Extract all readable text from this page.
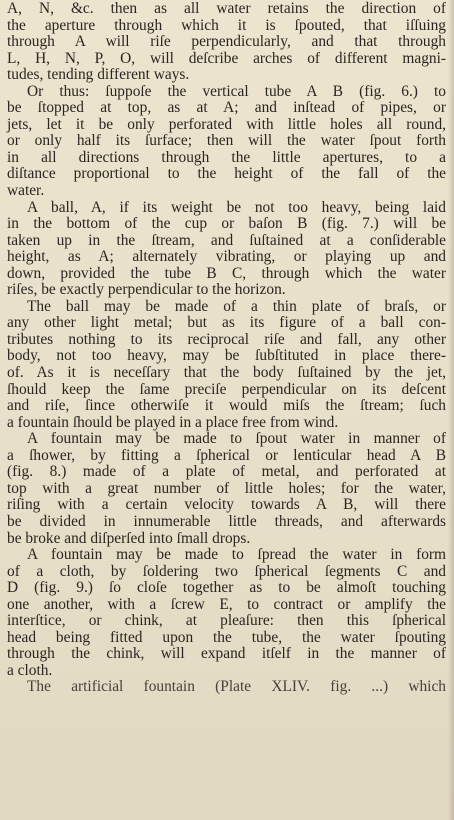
A, N, &c. then as all water retains the direction of
the aperture through which it is ſpouted, that iſſuing
through A will riſe perpendicularly, and that through
L, H, N, P, O, will deſcribe arches of different magni-
tudes, tending different ways.
Or thus: ſuppoſe the vertical tube A B (fig. 6.) to
be ſtopped at top, as at A; and inſtead of pipes, or
jets, let it be only perforated with little holes all round,
or only half its ſurface; then will the water ſpout forth
in all directions through the little apertures, to a
diſtance proportional to the height of the fall of the
water.
A ball, A, if its weight be not too heavy, being laid
in the bottom of the cup or baſon B (fig. 7.) will be
taken up in the ſtream, and ſuſtained at a conſiderable
height, as A; alternately vibrating, or playing up and
down, provided the tube B C, through which the water
riſes, be exactly perpendicular to the horizon.
The ball may be made of a thin plate of braſs, or
any other light metal; but as its figure of a ball con-
tributes nothing to its reciprocal riſe and fall, any other
body, not too heavy, may be ſubſtituted in place there-
of. As it is neceſſary that the body ſuſtained by the jet,
ſhould keep the ſame preciſe perpendicular on its deſcent
and riſe, ſince otherwiſe it would miſs the ſtream; ſuch
a fountain ſhould be played in a place free from wind.
A fountain may be made to ſpout water in manner of
a ſhower, by fitting a ſpherical or lenticular head A B
(fig. 8.) made of a plate of metal, and perforated at
top with a great number of little holes; for the water,
riſing with a certain velocity towards A B, will there
be divided in innumerable little threads, and afterwards
be broke and diſperſed into ſmall drops.
A fountain may be made to ſpread the water in form
of a cloth, by ſoldering two ſpherical ſegments C and
D (fig. 9.) ſo cloſe together as to be almoſt touching
one another, with a ſcrew E, to contract or amplify the
interſtice, or chink, at pleaſure: then this ſpherical
head being fitted upon the tube, the water ſpouting
through the chink, will expand itſelf in the manner of
a cloth.
The artificial fountain (Plate XLIV. fig. ...) which
